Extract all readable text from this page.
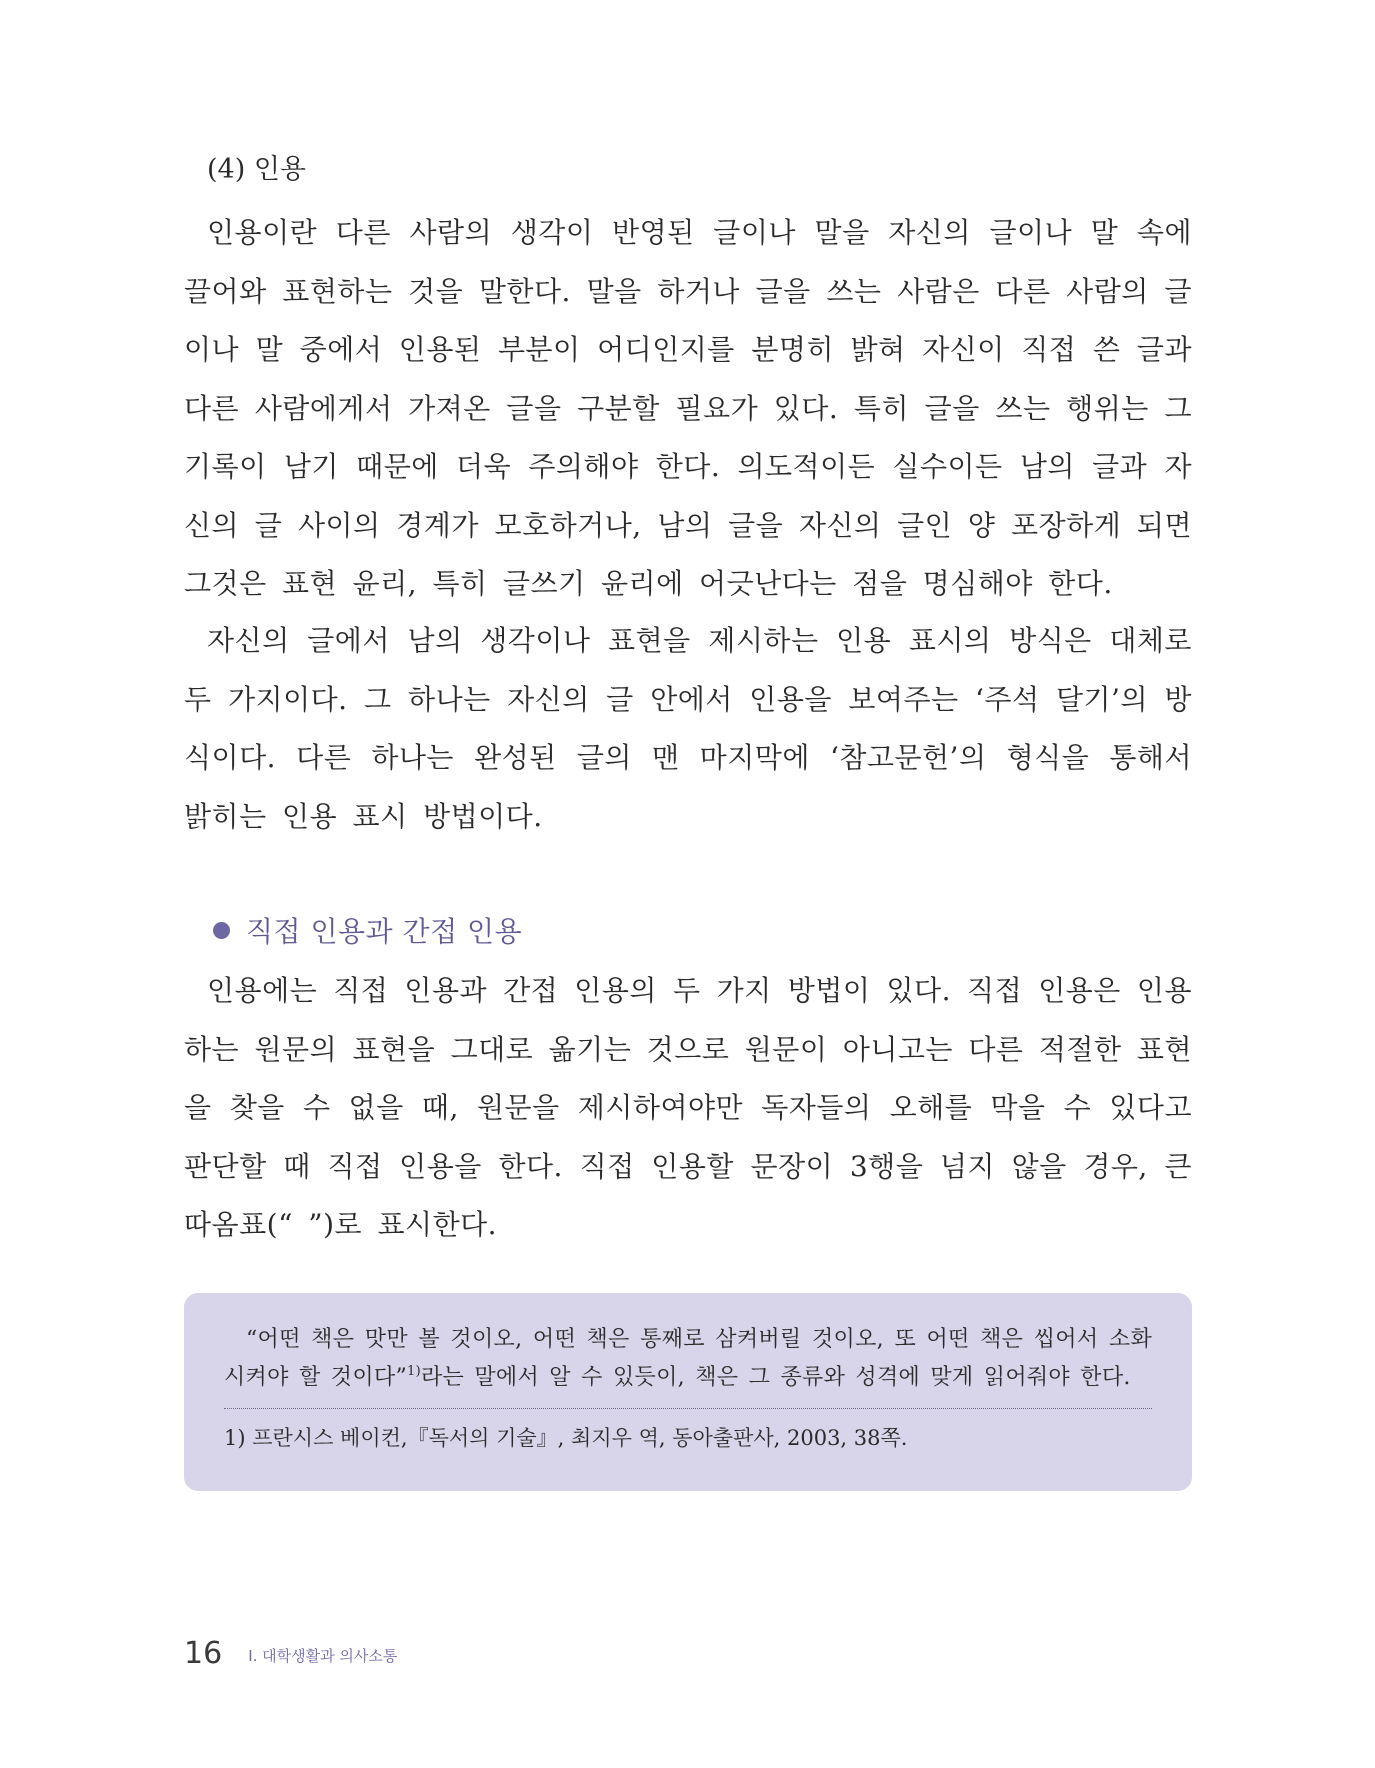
(4) 인용

인용이란 다른 사람의 생각이 반영된 글이나 말을 자신의 글이나 말 속에 끌어와 표현하는 것을 말한다. 말을 하거나 글을 쓰는 사람은 다른 사람의 글이나 말 중에서 인용된 부분이 어디인지를 분명히 밝혀 자신이 직접 쓴 글과 다른 사람에게서 가져온 글을 구분할 필요가 있다. 특히 글을 쓰는 행위는 그 기록이 남기 때문에 더욱 주의해야 한다. 의도적이든 실수이든 남의 글과 자신의 글 사이의 경계가 모호하거나, 남의 글을 자신의 글인 양 포장하게 되면 그것은 표현 윤리, 특히 글쓰기 윤리에 어긋난다는 점을 명심해야 한다.

자신의 글에서 남의 생각이나 표현을 제시하는 인용 표시의 방식은 대체로 두 가지이다. 그 하나는 자신의 글 안에서 인용을 보여주는 ‘주석 달기’의 방식이다. 다른 하나는 완성된 글의 맨 마지막에 ‘참고문헌’의 형식을 통해서 밝히는 인용 표시 방법이다.

직접 인용과 간접 인용

인용에는 직접 인용과 간접 인용의 두 가지 방법이 있다. 직접 인용은 인용하는 원문의 표현을 그대로 옮기는 것으로 원문이 아니고는 다른 적절한 표현을 찾을 수 없을 때, 원문을 제시하여야만 독자들의 오해를 막을 수 있다고 판단할 때 직접 인용을 한다. 직접 인용할 문장이 3행을 넘지 않을 경우, 큰따옴표(“ ”)로 표시한다.

“어떤 책은 맛만 볼 것이오, 어떤 책은 통째로 삼켜버릴 것이오, 또 어떤 책은 씹어서 소화시켜야 할 것이다”$^{1)}$라는 말에서 알 수 있듯이, 책은 그 종류와 성격에 맞게 읽어줘야 한다.

1) 프란시스 베이컨,『독서의 기술』, 최지우 역, 동아출판사, 2003, 38쪽.
16 I. 대학생활과 의사소통
